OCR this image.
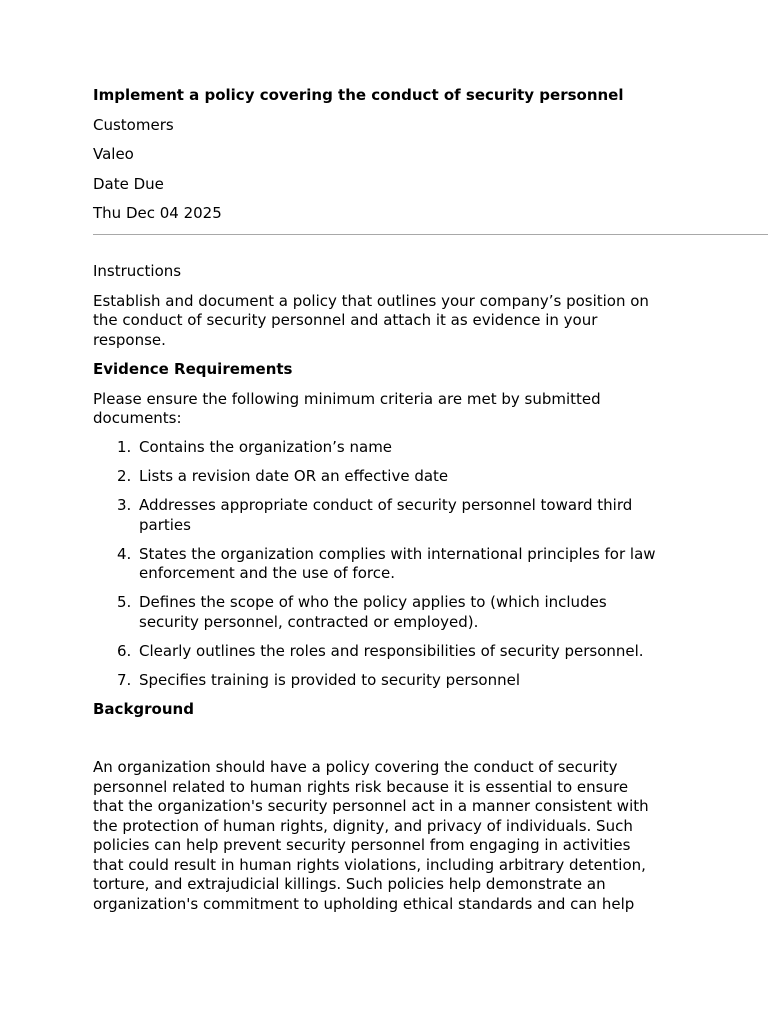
Implement a policy covering the conduct of security personnel
Customers
Valeo
Date Due
Thu Dec 04 2025
Instructions
Establish and document a policy that outlines your company’s position on
the conduct of security personnel and attach it as evidence in your
response.
Evidence Requirements
Please ensure the following minimum criteria are met by submitted
documents:
1. Contains the organization’s name
2. Lists a revision date OR an effective date
3. Addresses appropriate conduct of security personnel toward third
parties
4. States the organization complies with international principles for law
enforcement and the use of force.
5. Defines the scope of who the policy applies to (which includes
security personnel, contracted or employed).
6. Clearly outlines the roles and responsibilities of security personnel.
7. Specifies training is provided to security personnel
Background
An organization should have a policy covering the conduct of security
personnel related to human rights risk because it is essential to ensure
that the organization's security personnel act in a manner consistent with
the protection of human rights, dignity, and privacy of individuals. Such
policies can help prevent security personnel from engaging in activities
that could result in human rights violations, including arbitrary detention,
torture, and extrajudicial killings. Such policies help demonstrate an
organization's commitment to upholding ethical standards and can help
